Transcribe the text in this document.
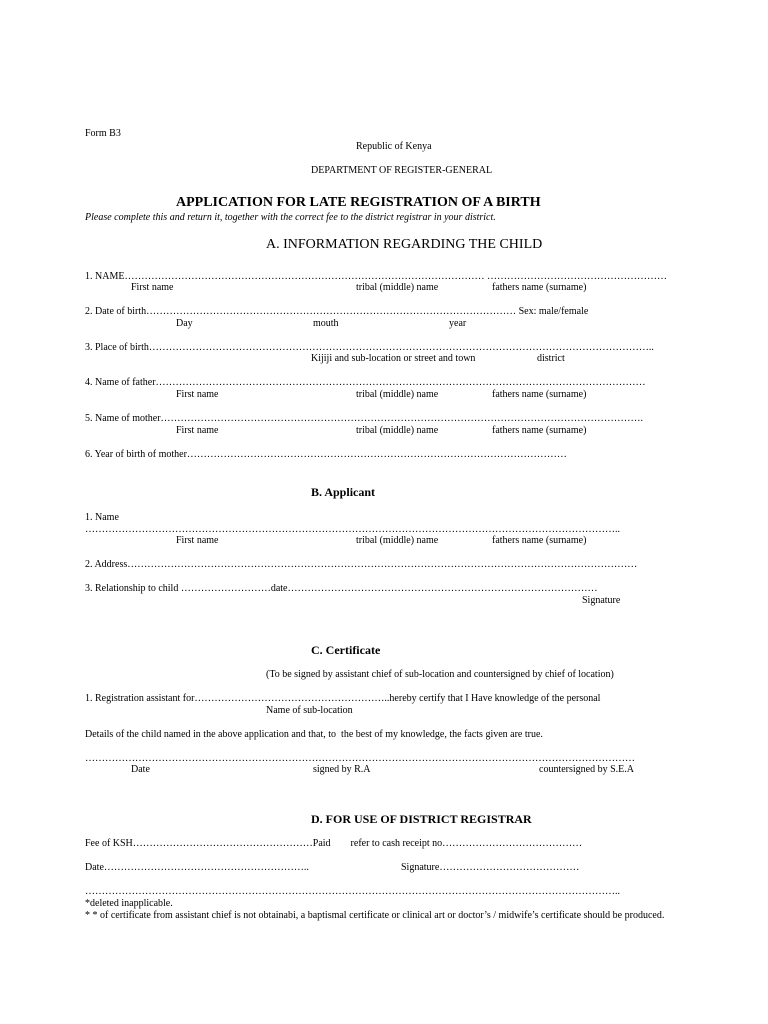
Form B3
Republic of Kenya
DEPARTMENT OF REGISTER-GENERAL
APPLICATION FOR LATE REGISTRATION OF A BIRTH
Please complete this and return it, together with the correct fee to the district registrar in your district.
A. INFORMATION REGARDING THE CHILD
1. NAME……………………………………………………………………………………………… ………………………………………………
First name	tribal (middle) name	fathers name (surname)
2. Date of birth………………………………………………………………………………………………… Sex: male/female
Day	mouth	year
3. Place of birth……………………………………………………………………………………………………………………………………..
Kijiji and sub-location or street and town	district
4. Name of father…………………………………………………………………………………………………………………………………
First name	tribal (middle) name	fathers name (surname)
5. Name of mother……………………………………………………………………………………………………………………………….
First name	tribal (middle) name	fathers name (surname)
6. Year of birth of mother……………………………………………………………………………………………………
B. Applicant
1. Name
……………………………………………………………………………………………………………………………………………..
First name	tribal (middle) name	fathers name (surname)
2. Address………………………………………………………………………………………………………………………………………
3. Relationship to child ………………………date…………………………………………………………………………………
Signature
C. Certificate
(To be signed by assistant chief of sub-location and countersigned by chief of location)
1. Registration assistant for…………………………………………………..hereby certify that I Have knowledge of the personal
Name of sub-location
Details of the child named in the above application and that, to  the best of my knowledge, the facts given are true.
…………………………………………………………………………………………………………………………………………………
Date	signed by R.A	countersigned by S.E.A
D. FOR USE OF DISTRICT REGISTRAR
Fee of KSH………………………………………………Paid        refer to cash receipt no……………………………………
Date……………………………………………………..	Signature……………………………………
……………………………………………………………………………………………………………………………………………..
*deleted inapplicable.
* * of certificate from assistant chief is not obtainabi, a baptismal certificate or clinical art or doctor’s / midwife’s certificate should be produced.
